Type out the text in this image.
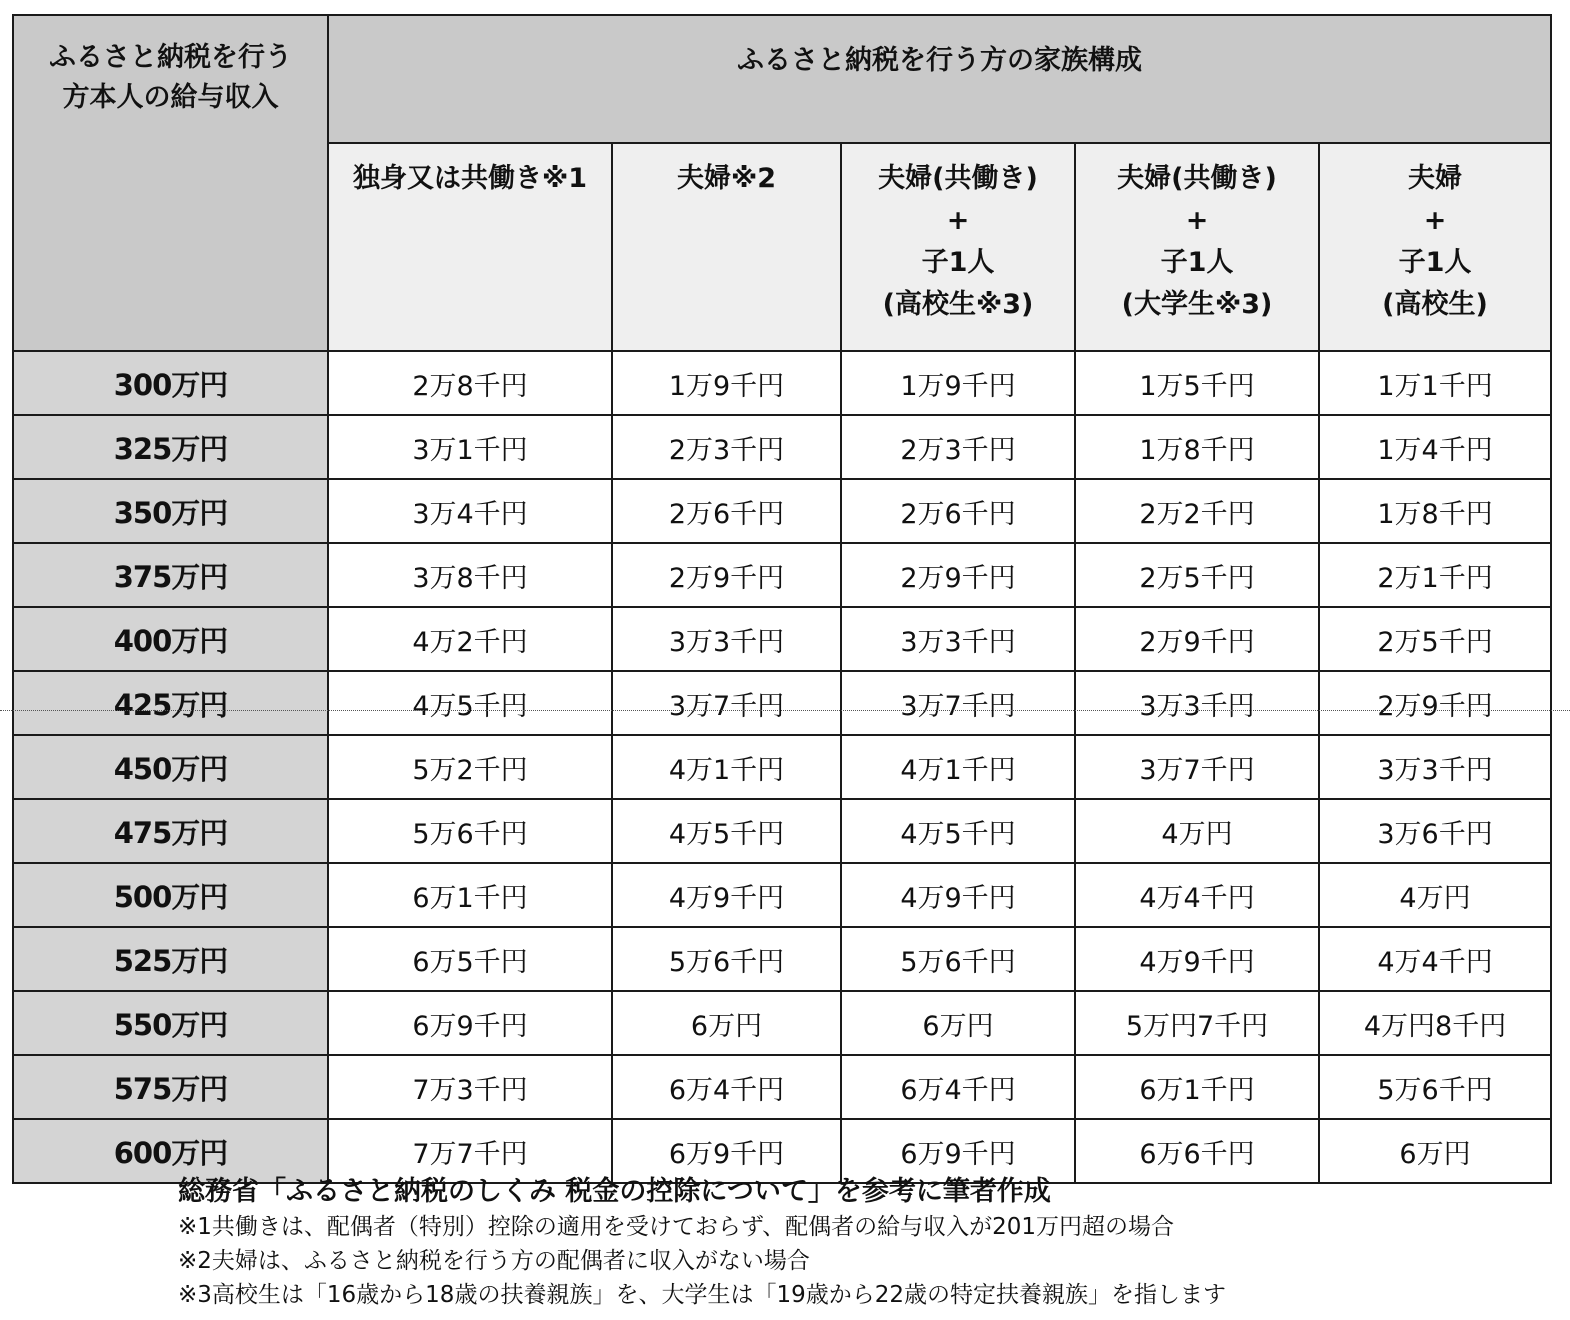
ふるさと納税を行う
方本人の給与収入	ふるさと納税を行う方の家族構成				

	独身又は共働き※1	夫婦※2	夫婦(共働き)
+
子1人
(高校生※3)	夫婦(共働き)
+
子1人
(大学生※3)	夫婦
+
子1人
(高校生)

300万円	2万8千円	1万9千円	1万9千円	1万5千円	1万1千円
325万円	3万1千円	2万3千円	2万3千円	1万8千円	1万4千円
350万円	3万4千円	2万6千円	2万6千円	2万2千円	1万8千円
375万円	3万8千円	2万9千円	2万9千円	2万5千円	2万1千円
400万円	4万2千円	3万3千円	3万3千円	2万9千円	2万5千円
425万円	4万5千円	3万7千円	3万7千円	3万3千円	2万9千円
450万円	5万2千円	4万1千円	4万1千円	3万7千円	3万3千円
475万円	5万6千円	4万5千円	4万5千円	4万円	3万6千円
500万円	6万1千円	4万9千円	4万9千円	4万4千円	4万円
525万円	6万5千円	5万6千円	5万6千円	4万9千円	4万4千円
550万円	6万9千円	6万円	6万円	5万円7千円	4万円8千円
575万円	7万3千円	6万4千円	6万4千円	6万1千円	5万6千円
600万円	7万7千円	6万9千円	6万9千円	6万6千円	6万円
総務省「ふるさと納税のしくみ 税金の控除について」を参考に筆者作成
※1共働きは、配偶者（特別）控除の適用を受けておらず、配偶者の給与収入が201万円超の場合
※2夫婦は、ふるさと納税を行う方の配偶者に収入がない場合
※3高校生は「16歳から18歳の扶養親族」を、大学生は「19歳から22歳の特定扶養親族」を指します
